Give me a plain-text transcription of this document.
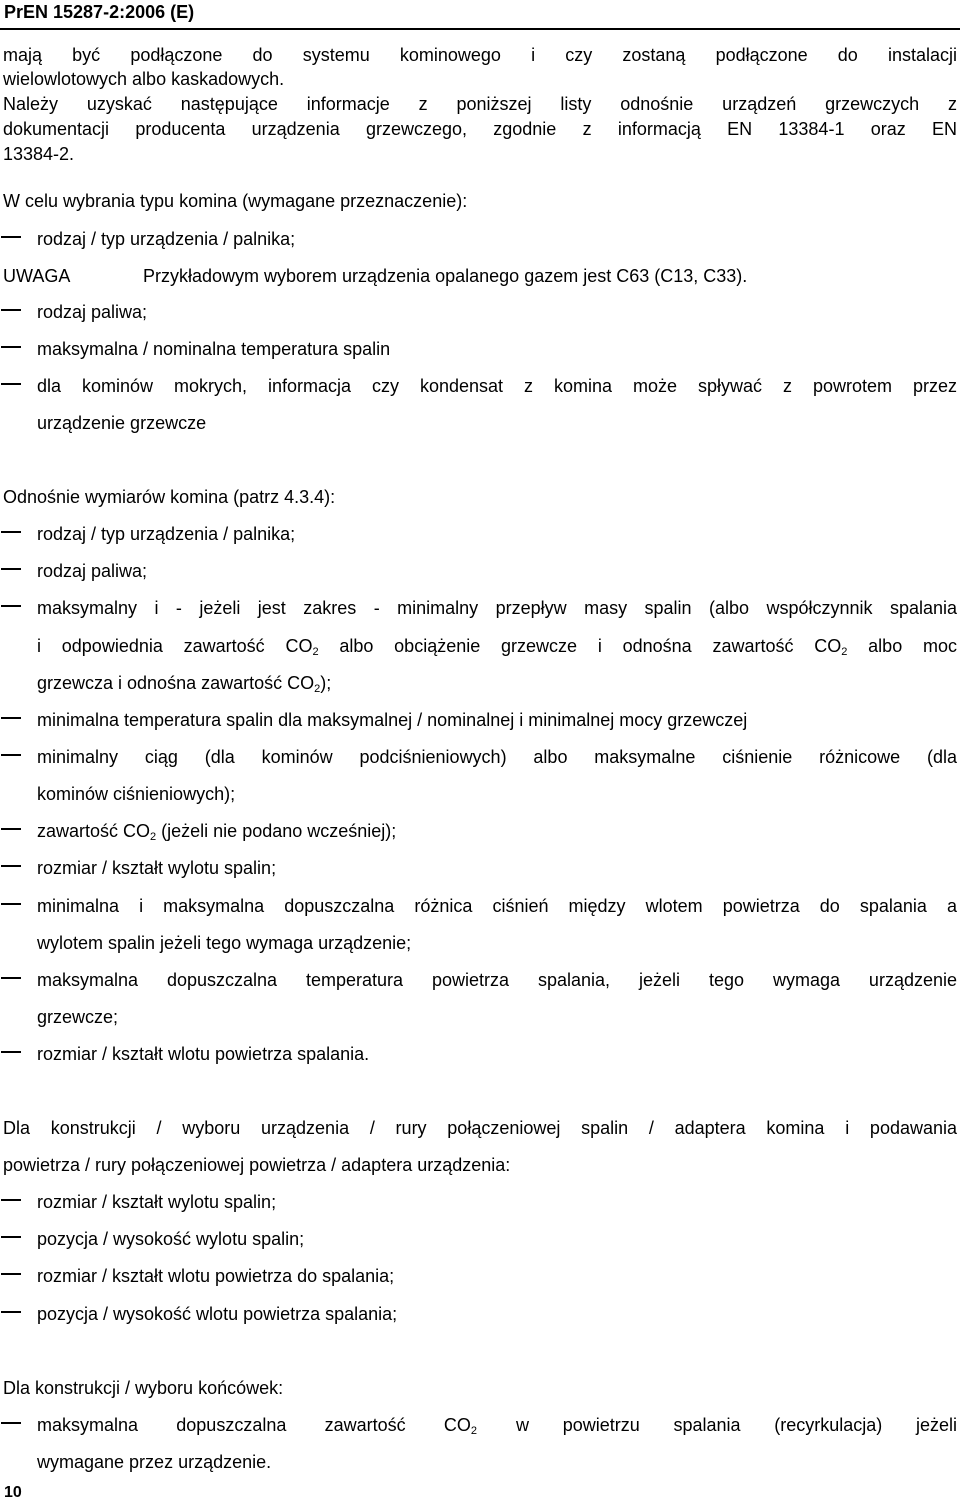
PrEN 15287-2:2006 (E)
mają być podłączone do systemu kominowego i czy zostaną podłączone do instalacji
wielowlotowych albo kaskadowych.
Należy uzyskać następujące informacje z poniższej listy odnośnie urządzeń grzewczych z
dokumentacji producenta urządzenia grzewczego, zgodnie z informacją EN 13384-1 oraz EN
13384-2.
W celu wybrania typu komina (wymagane przeznaczenie):
rodzaj / typ urządzenia / palnika;
UWAGA	Przykładowym wyborem urządzenia opalanego gazem jest C63 (C13, C33).
rodzaj paliwa;
maksymalna / nominalna temperatura spalin
dla kominów mokrych, informacja czy kondensat z komina może spływać z powrotem przez
urządzenie grzewcze
Odnośnie wymiarów komina (patrz 4.3.4):
rodzaj / typ urządzenia / palnika;
rodzaj paliwa;
maksymalny i - jeżeli jest zakres - minimalny przepływ masy spalin (albo współczynnik spalania
i odpowiednia zawartość $CO_2$ albo obciążenie grzewcze i odnośna zawartość $CO_2$ albo moc
grzewcza i odnośna zawartość $CO_2$);
minimalna temperatura spalin dla maksymalnej / nominalnej i minimalnej mocy grzewczej
minimalny ciąg (dla kominów podciśnieniowych) albo maksymalne ciśnienie różnicowe (dla
kominów ciśnieniowych);
zawartość $CO_2$ (jeżeli nie podano wcześniej);
rozmiar / kształt wylotu spalin;
minimalna i maksymalna dopuszczalna różnica ciśnień między wlotem powietrza do spalania a
wylotem spalin jeżeli tego wymaga urządzenie;
maksymalna dopuszczalna temperatura powietrza spalania, jeżeli tego wymaga urządzenie
grzewcze;
rozmiar / kształt wlotu powietrza spalania.
Dla konstrukcji / wyboru urządzenia / rury połączeniowej spalin / adaptera komina i podawania
powietrza / rury połączeniowej powietrza / adaptera urządzenia:
rozmiar / kształt wylotu spalin;
pozycja / wysokość wylotu spalin;
rozmiar / kształt wlotu powietrza do spalania;
pozycja / wysokość wlotu powietrza spalania;
Dla konstrukcji / wyboru końcówek:
maksymalna dopuszczalna zawartość $CO_2$ w powietrzu spalania (recyrkulacja) jeżeli
wymagane przez urządzenie.
10
